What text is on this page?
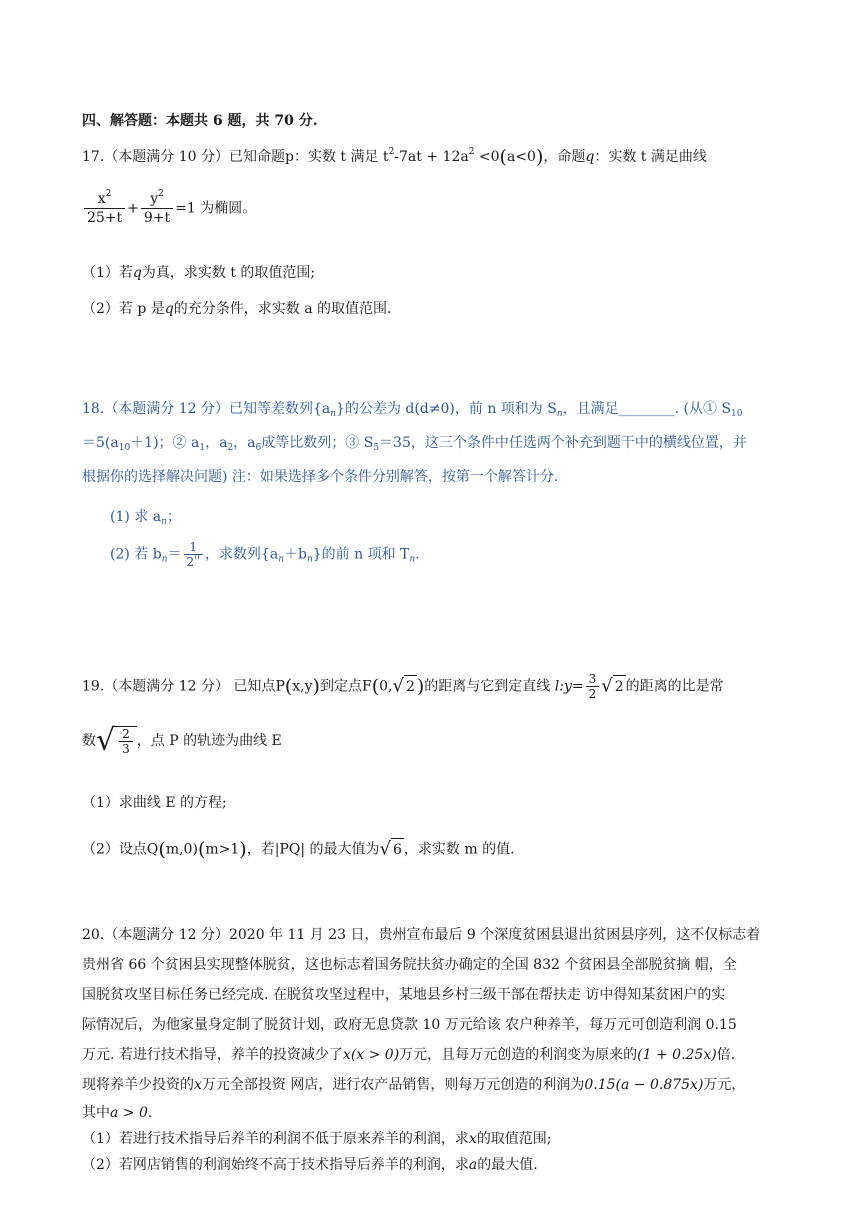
四、解答题：本题共 6 题，共 70 分.
17.（本题满分 10 分）已知命题p：实数 t 满足 $t^2-7at + 12a^2 <0(a<0)$，命题q：实数 t 满足曲线
$\frac{x^2}{25+t} + \frac{y^2}{9+t} =1$ 为椭圆。
（1）若q为真，求实数 t 的取值范围;
（2）若 p 是q的充分条件，求实数 a 的取值范围.
18.（本题满分 12 分）已知等差数列$\{a_n\}$的公差为 d(d≠0)，前 n 项和为 $S_n$，且满足________. (从① $S_{10}$
$=5(a_{10}+1)$；② $a_1$，$a_2$，$a_6$成等比数列；③ $S_5=35$，这三个条件中任选两个补充到题干中的横线位置，并
根据你的选择解决问题) 注：如果选择多个条件分别解答，按第一个解答计分.
(1) 求 $a_n$；
(2) 若 $b_n= \frac{1}{2^n}$ ，求数列$\{a_n+b_n\}$的前 n 项和 $T_n$.
19.（本题满分 12 分） 已知点P(x,y)到定点F(0,√ 2 )的距离与它到定直线 l:y= $\frac{3}{2}$ √ 2 的距离的比是常
数√ $\frac{2}{3}$ ，点 P 的轨迹为曲线 E
（1）求曲线 E 的方程;
（2）设点Q(m,0)(m>1)，若|PQ| 的最大值为√ 6 ，求实数 m 的值.
20.（本题满分 12 分）2020 年 11 月 23 日，贵州宣布最后 9 个深度贫困县退出贫困县序列，这不仅标志着
贵州省 66 个贫困县实现整体脱贫，这也标志着国务院扶贫办确定的全国 832 个贫困县全部脱贫摘 帽，全
国脱贫攻坚目标任务已经完成. 在脱贫攻坚过程中，某地县乡村三级干部在帮扶走 访中得知某贫困户的实
际情况后，为他家量身定制了脱贫计划，政府无息贷款 10 万元给该 农户种养羊，每万元可创造利润 0.15
万元. 若进行技术指导，养羊的投资减少了x(x > 0)万元，且每万元创造的利润变为原来的(1 + 0.25x)倍.
现将养羊少投资的x万元全部投资 网店，进行农产品销售，则每万元创造的利润为0.15(a − 0.875x)万元，
其中a > 0.
（1）若进行技术指导后养羊的利润不低于原来养羊的利润，求x的取值范围;
（2）若网店销售的利润始终不高于技术指导后养羊的利润，求a的最大值.
